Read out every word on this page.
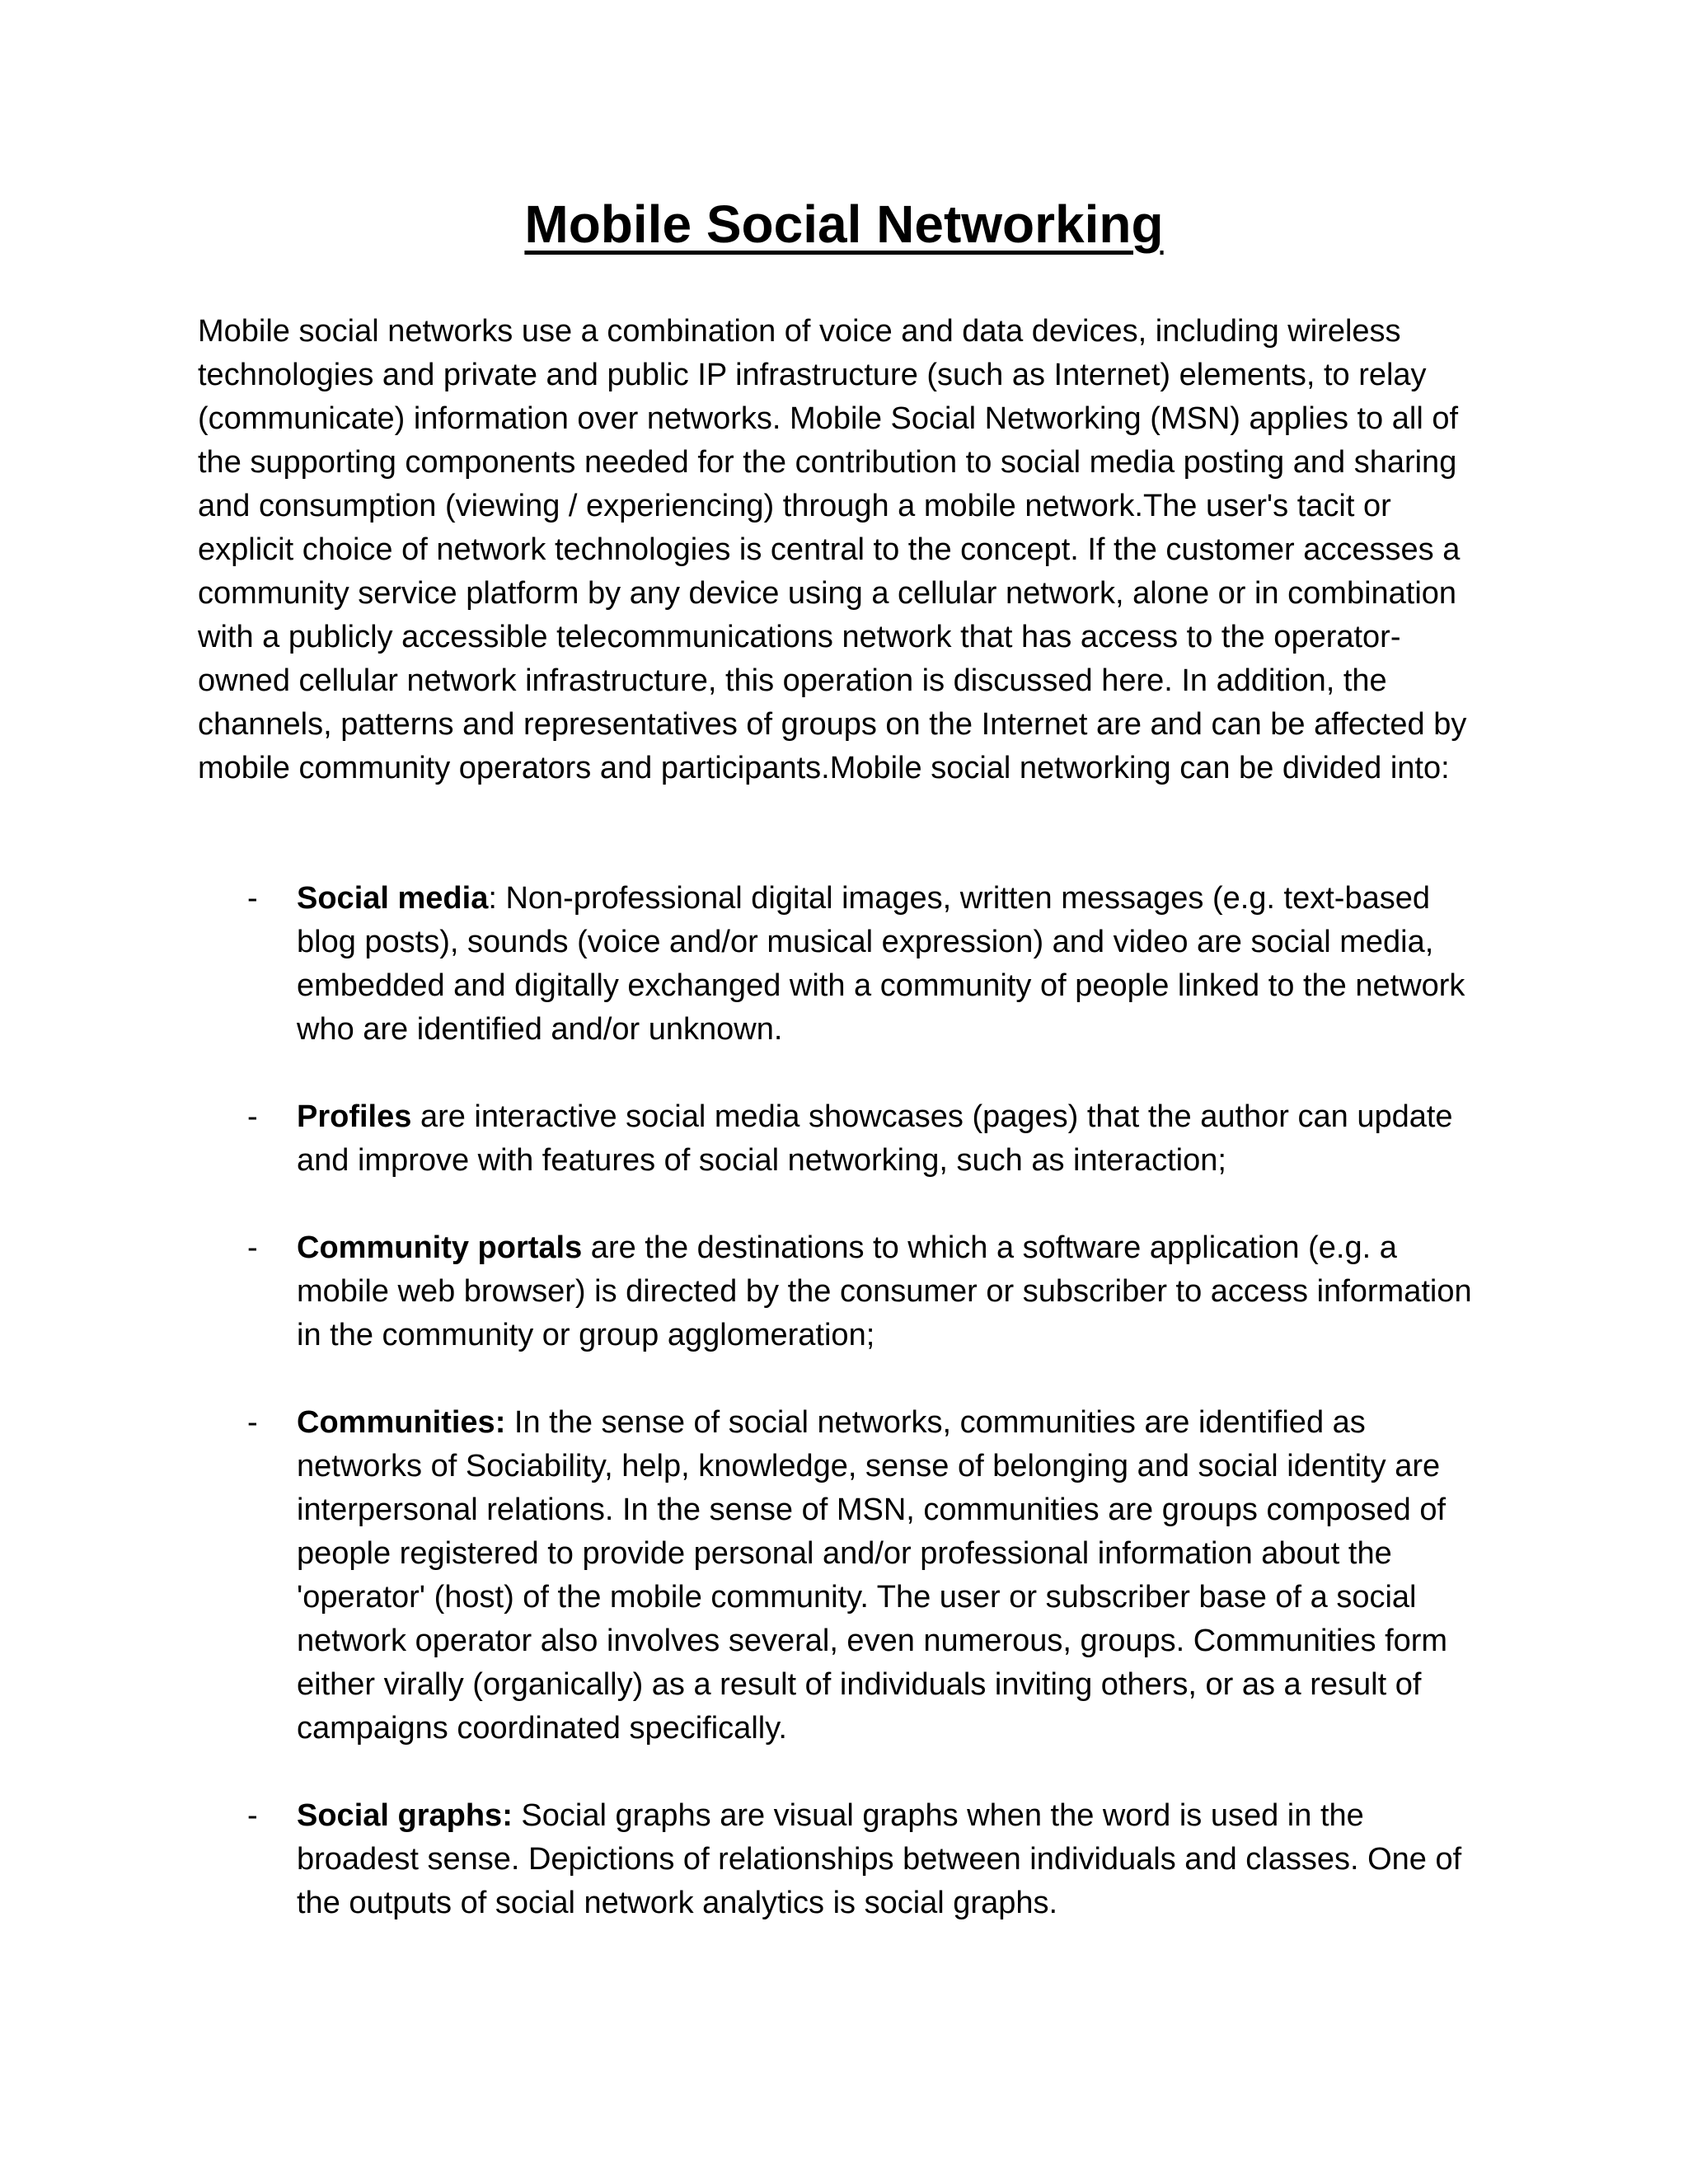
Mobile Social Networking

Mobile social networks use a combination of voice and data devices, including wireless technologies and private and public IP infrastructure (such as Internet) elements, to relay (communicate) information over networks. Mobile Social Networking (MSN) applies to all of the supporting components needed for the contribution to social media posting and sharing and consumption (viewing / experiencing) through a mobile network.The user's tacit or explicit choice of network technologies is central to the concept. If the customer accesses a community service platform by any device using a cellular network, alone or in combination with a publicly accessible telecommunications network that has access to the operator-owned cellular network infrastructure, this operation is discussed here. In addition, the channels, patterns and representatives of groups on the Internet are and can be affected by mobile community operators and participants.Mobile social networking can be divided into:

- Social media: Non-professional digital images, written messages (e.g. text-based blog posts), sounds (voice and/or musical expression) and video are social media, embedded and digitally exchanged with a community of people linked to the network who are identified and/or unknown.
- Profiles are interactive social media showcases (pages) that the author can update and improve with features of social networking, such as interaction;
- Community portals are the destinations to which a software application (e.g. a mobile web browser) is directed by the consumer or subscriber to access information in the community or group agglomeration;
- Communities: In the sense of social networks, communities are identified as networks of Sociability, help, knowledge, sense of belonging and social identity are interpersonal relations. In the sense of MSN, communities are groups composed of people registered to provide personal and/or professional information about the 'operator' (host) of the mobile community. The user or subscriber base of a social network operator also involves several, even numerous, groups. Communities form either virally (organically) as a result of individuals inviting others, or as a result of campaigns coordinated specifically.
- Social graphs: Social graphs are visual graphs when the word is used in the broadest sense. Depictions of relationships between individuals and classes. One of the outputs of social network analytics is social graphs.
